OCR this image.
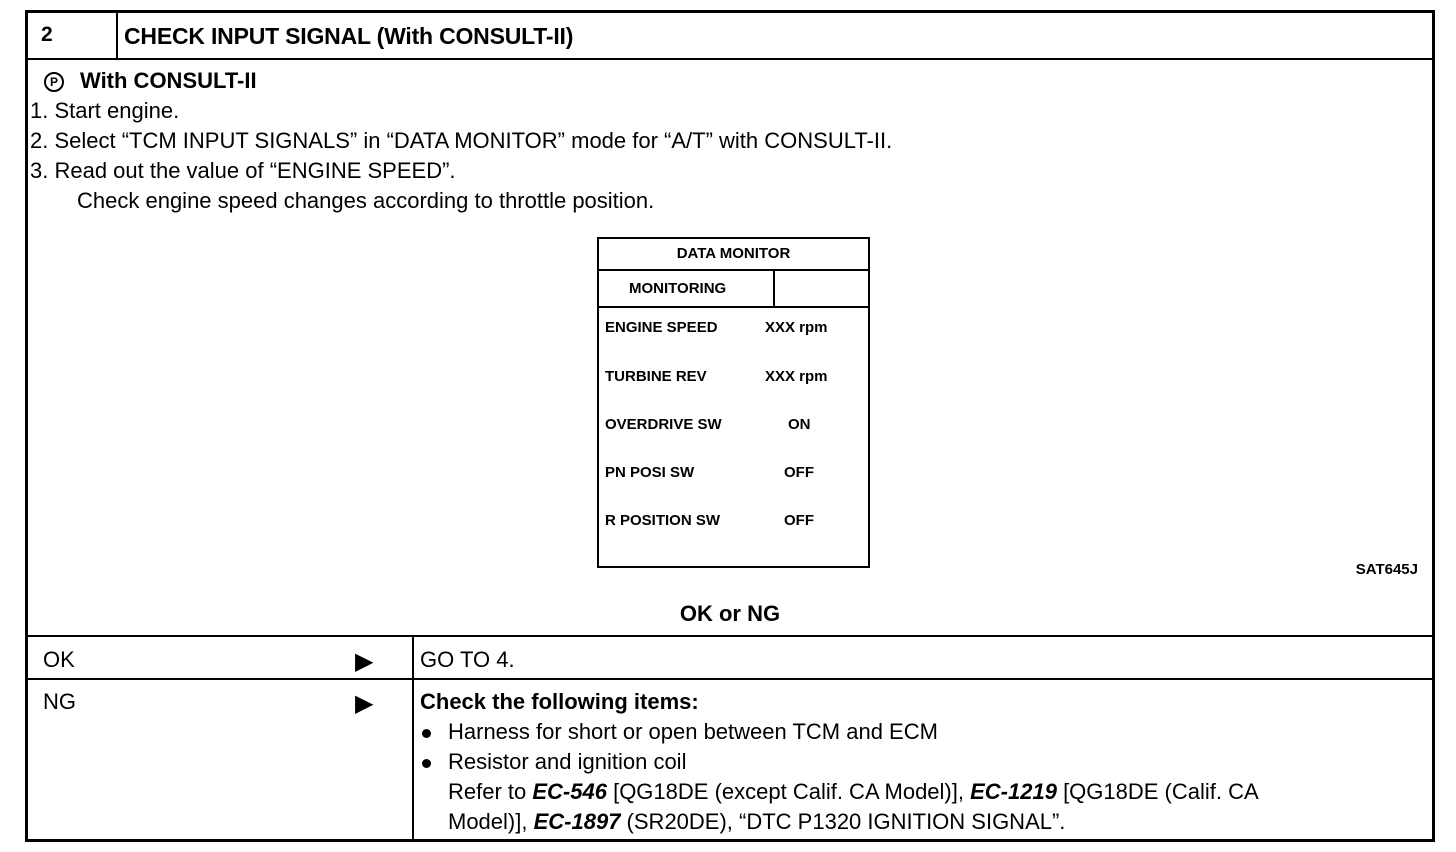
2	CHECK INPUT SIGNAL (With CONSULT-II)
P With CONSULT-II
1. Start engine.
2. Select “TCM INPUT SIGNALS” in “DATA MONITOR” mode for “A/T” with CONSULT-II.
3. Read out the value of “ENGINE SPEED”.
Check engine speed changes according to throttle position.
DATA MONITOR
MONITORING
ENGINE SPEED	XXX rpm
TURBINE REV	XXX rpm
OVERDRIVE SW	ON
PN POSI SW	OFF
R POSITION SW	OFF
SAT645J
OK or NG
OK	▶ GO TO 4.
NG	▶ Check the following items:
Harness for short or open between TCM and ECM
Resistor and ignition coil
Refer to EC-546 [QG18DE (except Calif. CA Model)], EC-1219 [QG18DE (Calif. CA
Model)], EC-1897 (SR20DE), “DTC P1320 IGNITION SIGNAL”.
